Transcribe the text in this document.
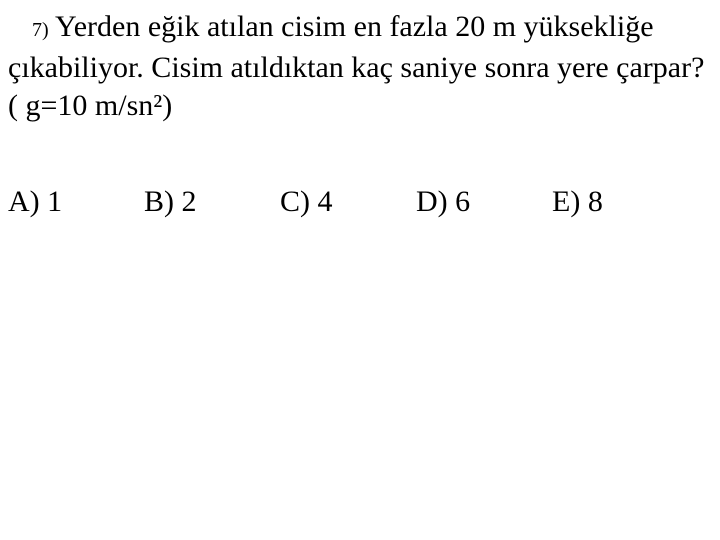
7) Yerden eğik atılan cisim en fazla 20 m yüksekliğe çıkabiliyor. Cisim atıldıktan kaç saniye sonra yere çarpar? ( g=10 m/sn²)

A) 1	B) 2	C) 4	D) 6	E) 8
